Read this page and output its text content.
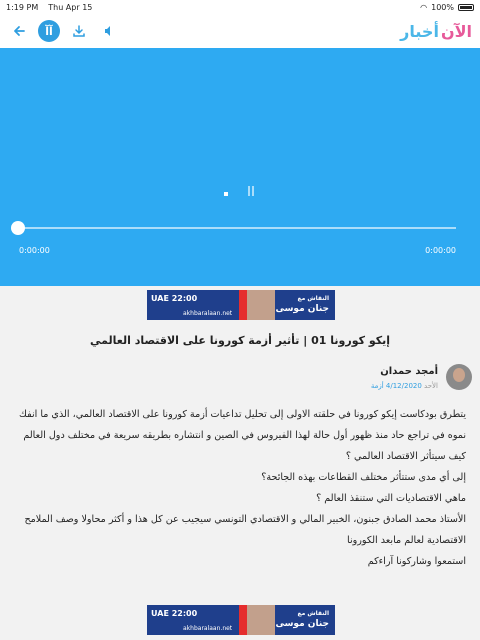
1:19 PM Thu Apr 15	◠ 100%
آآ	أخبار الآن
0:00:00	0:00:00
UAE 22:00
akhbaralaan.net
النقاش مع
جنان موسى
إيكو كورونا 01 | تأثير أزمة كورونا على الاقتصاد العالمي
أمجد حمدان
الأحد 4/12/2020 أزمة

يتطرق بودكاست إيكو كورونا في حلقته الاولى إلى تحليل تداعيات أزمة كورونا على الاقتصاد العالمي، الذي ما انفك نموه في تراجع حاد منذ ظهور أول حالة لهذا الفيروس في الصين و انتشاره بطريقه سريعة في مختلف دول العالم

كيف سيتأثر الاقتصاد العالمي ؟

إلى أي مدى ستتأثر مختلف القطاعات بهذه الجائحة؟

ماهي الاقتصاديات التي ستنقذ العالم ؟

الأستاذ محمد الصادق جبنون، الخبير المالي و الاقتصادي التونسي سيجيب عن كل هذا و أكثر محاولا وصف الملامح الاقتصادية لعالم مابعد الكورونا

استمعوا وشاركونا آراءكم

UAE 22:00
akhbaralaan.net
النقاش مع
جنان موسى
